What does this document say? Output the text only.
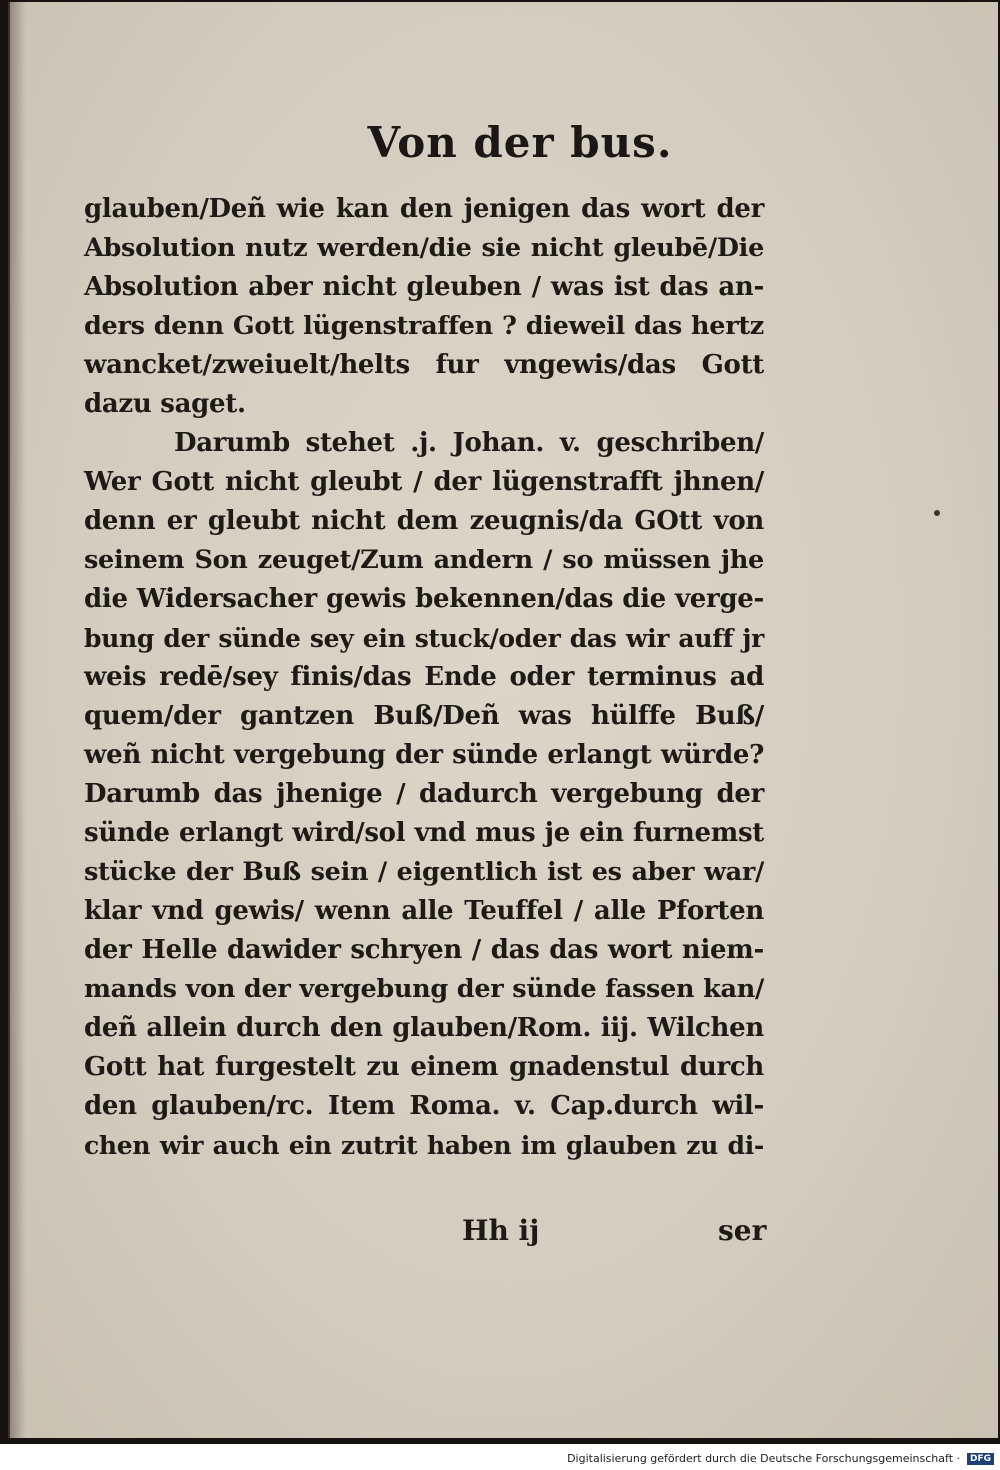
Von der bus.
glauben/Deñ wie kan den jenigen das wort der
Absolution nutz werden/die sie nicht gleubē/Die
Absolution aber nicht gleuben / was ist das an-
ders denn Gott lügenstraffen ? dieweil das hertz
wancket/zweiuelt/helts fur vngewis/das Gott
dazu saget.
Darumb stehet .j. Johan. v. geschriben/
Wer Gott nicht gleubt / der lügenstrafft jhnen/
denn er gleubt nicht dem zeugnis/da GOtt von
seinem Son zeuget/Zum andern / so müssen jhe
die Widersacher gewis bekennen/das die verge-
bung der sünde sey ein stuck/oder das wir auff jr
weis redē/sey finis/das Ende oder terminus ad
quem/der gantzen Buß/Deñ was hülffe Buß/
weñ nicht vergebung der sünde erlangt würde?
Darumb das jhenige / dadurch vergebung der
sünde erlangt wird/sol vnd mus je ein furnemst
stücke der Buß sein / eigentlich ist es aber war/
klar vnd gewis/ wenn alle Teuffel / alle Pforten
der Helle dawider schryen / das das wort niem-
mands von der vergebung der sünde fassen kan/
deñ allein durch den glauben/Rom. iij. Wilchen
Gott hat furgestelt zu einem gnadenstul durch
den glauben/rc. Item Roma. v. Cap.durch wil-
chen wir auch ein zutrit haben im glauben zu di-
Hh ij	ser
Digitalisierung gefördert durch die Deutsche Forschungsgemeinschaft ·	DFG
